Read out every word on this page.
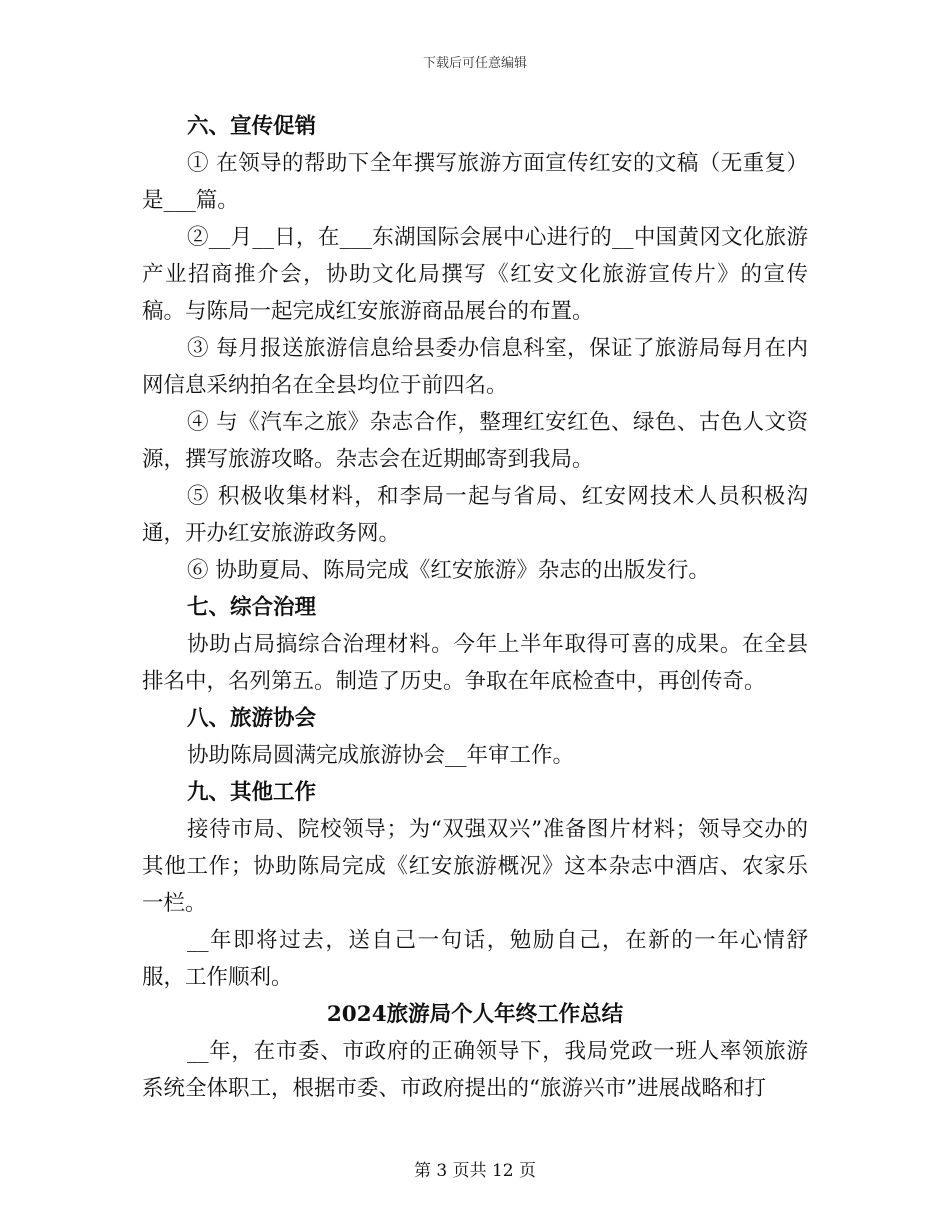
下载后可任意编辑

六、宣传促销

① 在领导的帮助下全年撰写旅游方面宣传红安的文稿（无重复）是___篇。

②__月__日，在___东湖国际会展中心进行的__中国黄冈文化旅游产业招商推介会，协助文化局撰写《红安文化旅游宣传片》的宣传稿。与陈局一起完成红安旅游商品展台的布置。

③ 每月报送旅游信息给县委办信息科室，保证了旅游局每月在内网信息采纳拍名在全县均位于前四名。

④ 与《汽车之旅》杂志合作，整理红安红色、绿色、古色人文资源，撰写旅游攻略。杂志会在近期邮寄到我局。

⑤ 积极收集材料，和李局一起与省局、红安网技术人员积极沟通，开办红安旅游政务网。

⑥ 协助夏局、陈局完成《红安旅游》杂志的出版发行。

七、综合治理

协助占局搞综合治理材料。今年上半年取得可喜的成果。在全县排名中，名列第五。制造了历史。争取在年底检查中，再创传奇。

八、旅游协会

协助陈局圆满完成旅游协会__年审工作。

九、其他工作

接待市局、院校领导；为“双强双兴”准备图片材料；领导交办的其他工作；协助陈局完成《红安旅游概况》这本杂志中酒店、农家乐一栏。

__年即将过去，送自己一句话，勉励自己，在新的一年心情舒服，工作顺利。

2024旅游局个人年终工作总结

__年，在市委、市政府的正确领导下，我局党政一班人率领旅游系统全体职工，根据市委、市政府提出的“旅游兴市”进展战略和打

第 3 页共 12 页
